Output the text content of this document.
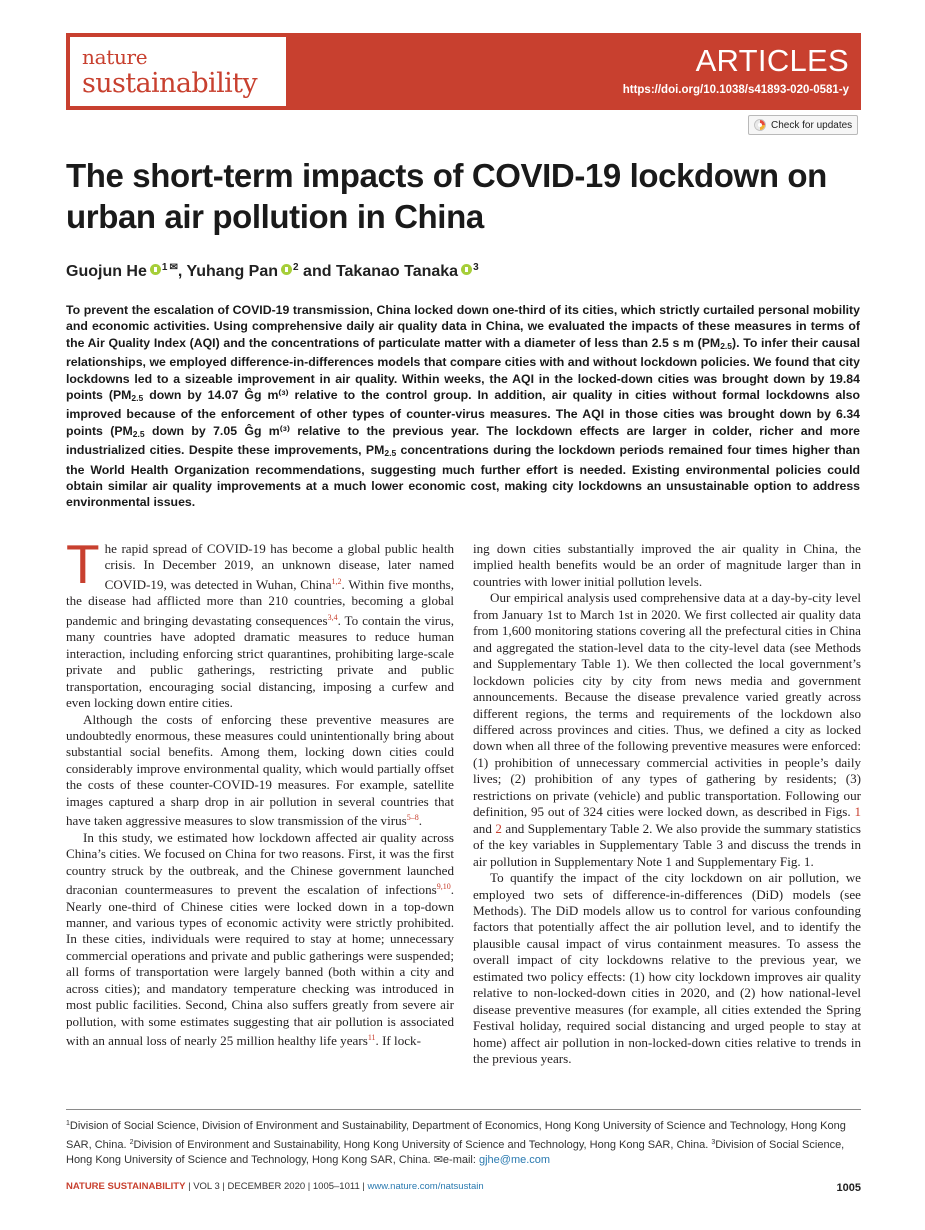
nature
sustainability
ARTICLES
https://doi.org/10.1038/s41893-020-0581-y
Check for updates
The short-term impacts of COVID-19 lockdown on urban air pollution in China
Guojun He $^1$ ✉, Yuhang Pan $^2$ and Takanao Tanaka $^3$
To prevent the escalation of COVID-19 transmission, China locked down one-third of its cities, which strictly curtailed personal mobility and economic activities. Using comprehensive daily air quality data in China, we evaluated the impacts of these measures in terms of the Air Quality Index (AQI) and the concentrations of particulate matter with a diameter of less than 2.5 s m $(PM_{2.5})$. To infer their causal relationships, we employed difference-in-differences models that compare cities with and without lockdown policies. We found that city lockdowns led to a sizeable improvement in air quality. Within weeks, the AQI in the locked-down cities was brought down by 19.84 points ($PM_{2.5}$ down by 14.07 Ĝg m⁽³⁾ relative to the control group. In addition, air quality in cities without formal lockdowns also improved because of the enforcement of other types of counter-virus measures. The AQI in those cities was brought down by 6.34 points ($PM_{2.5}$ down by 7.05 Ĝg m⁽³⁾ relative to the previous year. The lockdown effects are larger in colder, richer and more industrialized cities. Despite these improvements, $PM_{2.5}$ concentrations during the lockdown periods remained four times higher than the World Health Organization recommendations, suggesting much further effort is needed. Existing environmental policies could obtain similar air quality improvements at a much lower economic cost, making city lockdowns an unsustainable option to address environmental issues.

The rapid spread of COVID-19 has become a global public health crisis. In December 2019, an unknown disease, later named COVID-19, was detected in Wuhan, China$^{1,2}$. Within five months, the disease had afflicted more than 210 countries, becoming a global pandemic and bringing devastating consequences$^{3,4}$. To contain the virus, many countries have adopted dramatic measures to reduce human interaction, including enforcing strict quarantines, prohibiting large-scale private and public gatherings, restricting private and public transportation, encouraging social distancing, imposing a curfew and even locking down entire cities.

Although the costs of enforcing these preventive measures are undoubtedly enormous, these measures could unintentionally bring about substantial social benefits. Among them, locking down cities could considerably improve environmental quality, which would partially offset the costs of these counter-COVID-19 measures. For example, satellite images captured a sharp drop in air pollution in several countries that have taken aggressive measures to slow transmission of the virus$^{5-8}$.

In this study, we estimated how lockdown affected air quality across China’s cities. We focused on China for two reasons. First, it was the first country struck by the outbreak, and the Chinese government launched draconian countermeasures to prevent the escalation of infections$^{9,10}$. Nearly one-third of Chinese cities were locked down in a top-down manner, and various types of economic activity were strictly prohibited. In these cities, individuals were required to stay at home; unnecessary commercial operations and private and public gatherings were suspended; all forms of transportation were largely banned (both within a city and across cities); and mandatory temperature checking was introduced in most public facilities. Second, China also suffers greatly from severe air pollution, with some estimates suggesting that air pollution is associated with an annual loss of nearly 25 million healthy life years$^{11}$. If lock-

ing down cities substantially improved the air quality in China, the implied health benefits would be an order of magnitude larger than in countries with lower initial pollution levels.

Our empirical analysis used comprehensive data at a day-by-city level from January 1st to March 1st in 2020. We first collected air quality data from 1,600 monitoring stations covering all the prefectural cities in China and aggregated the station-level data to the city-level data (see Methods and Supplementary Table 1). We then collected the local government’s lockdown policies city by city from news media and government announcements. Because the disease prevalence varied greatly across different regions, the terms and requirements of the lockdown also differed across provinces and cities. Thus, we defined a city as locked down when all three of the following preventive measures were enforced: (1) prohibition of unnecessary commercial activities in people’s daily lives; (2) prohibition of any types of gathering by residents; (3) restrictions on private (vehicle) and public transportation. Following our definition, 95 out of 324 cities were locked down, as described in Figs. 1 and 2 and Supplementary Table 2. We also provide the summary statistics of the key variables in Supplementary Table 3 and discuss the trends in air pollution in Supplementary Note 1 and Supplementary Fig. 1.

To quantify the impact of the city lockdown on air pollution, we employed two sets of difference-in-differences (DiD) models (see Methods). The DiD models allow us to control for various confounding factors that potentially affect the air pollution level, and to identify the plausible causal impact of virus containment measures. To assess the overall impact of city lockdowns relative to the previous year, we estimated two policy effects: (1) how city lockdown improves air quality relative to non-locked-down cities in 2020, and (2) how national-level disease preventive measures (for example, all cities extended the Spring Festival holiday, required social distancing and urged people to stay at home) affect air pollution in non-locked-down cities relative to trends in the previous years.

$^1$Division of Social Science, Division of Environment and Sustainability, Department of Economics, Hong Kong University of Science and Technology, Hong Kong SAR, China. $^2$Division of Environment and Sustainability, Hong Kong University of Science and Technology, Hong Kong SAR, China. $^3$Division of Social Science, Hong Kong University of Science and Technology, Hong Kong SAR, China. ✉e-mail: gjhe@me.com
NATURE SUSTAINABILITY | VOL 3 | DECEMBER 2020 | 1005–1011 | www.nature.com/natsustain	1005
